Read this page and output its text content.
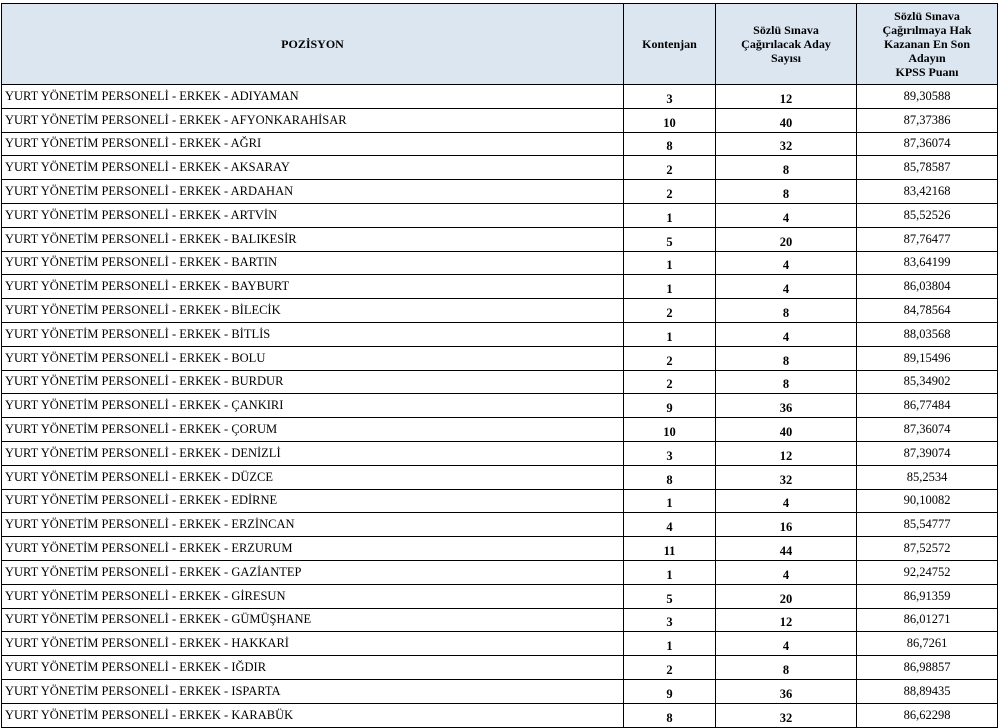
POZİSYON	Kontenjan	Sözlü Sınava
Çağırılacak Aday
Sayısı	Sözlü Sınava
Çağırılmaya Hak
Kazanan En Son
Adayın
KPSS Puanı

YURT YÖNETİM PERSONELİ - ERKEK - ADIYAMAN	3	12	89,30588
YURT YÖNETİM PERSONELİ - ERKEK - AFYONKARAHİSAR	10	40	87,37386
YURT YÖNETİM PERSONELİ - ERKEK - AĞRI	8	32	87,36074
YURT YÖNETİM PERSONELİ - ERKEK - AKSARAY	2	8	85,78587
YURT YÖNETİM PERSONELİ - ERKEK - ARDAHAN	2	8	83,42168
YURT YÖNETİM PERSONELİ - ERKEK - ARTVİN	1	4	85,52526
YURT YÖNETİM PERSONELİ - ERKEK - BALIKESİR	5	20	87,76477
YURT YÖNETİM PERSONELİ - ERKEK - BARTIN	1	4	83,64199
YURT YÖNETİM PERSONELİ - ERKEK - BAYBURT	1	4	86,03804
YURT YÖNETİM PERSONELİ - ERKEK - BİLECİK	2	8	84,78564
YURT YÖNETİM PERSONELİ - ERKEK - BİTLİS	1	4	88,03568
YURT YÖNETİM PERSONELİ - ERKEK - BOLU	2	8	89,15496
YURT YÖNETİM PERSONELİ - ERKEK - BURDUR	2	8	85,34902
YURT YÖNETİM PERSONELİ - ERKEK - ÇANKIRI	9	36	86,77484
YURT YÖNETİM PERSONELİ - ERKEK - ÇORUM	10	40	87,36074
YURT YÖNETİM PERSONELİ - ERKEK - DENİZLİ	3	12	87,39074
YURT YÖNETİM PERSONELİ - ERKEK - DÜZCE	8	32	85,2534
YURT YÖNETİM PERSONELİ - ERKEK - EDİRNE	1	4	90,10082
YURT YÖNETİM PERSONELİ - ERKEK - ERZİNCAN	4	16	85,54777
YURT YÖNETİM PERSONELİ - ERKEK - ERZURUM	11	44	87,52572
YURT YÖNETİM PERSONELİ - ERKEK - GAZİANTEP	1	4	92,24752
YURT YÖNETİM PERSONELİ - ERKEK - GİRESUN	5	20	86,91359
YURT YÖNETİM PERSONELİ - ERKEK - GÜMÜŞHANE	3	12	86,01271
YURT YÖNETİM PERSONELİ - ERKEK - HAKKARİ	1	4	86,7261
YURT YÖNETİM PERSONELİ - ERKEK - IĞDIR	2	8	86,98857
YURT YÖNETİM PERSONELİ - ERKEK - ISPARTA	9	36	88,89435
YURT YÖNETİM PERSONELİ - ERKEK - KARABÜK	8	32	86,62298
